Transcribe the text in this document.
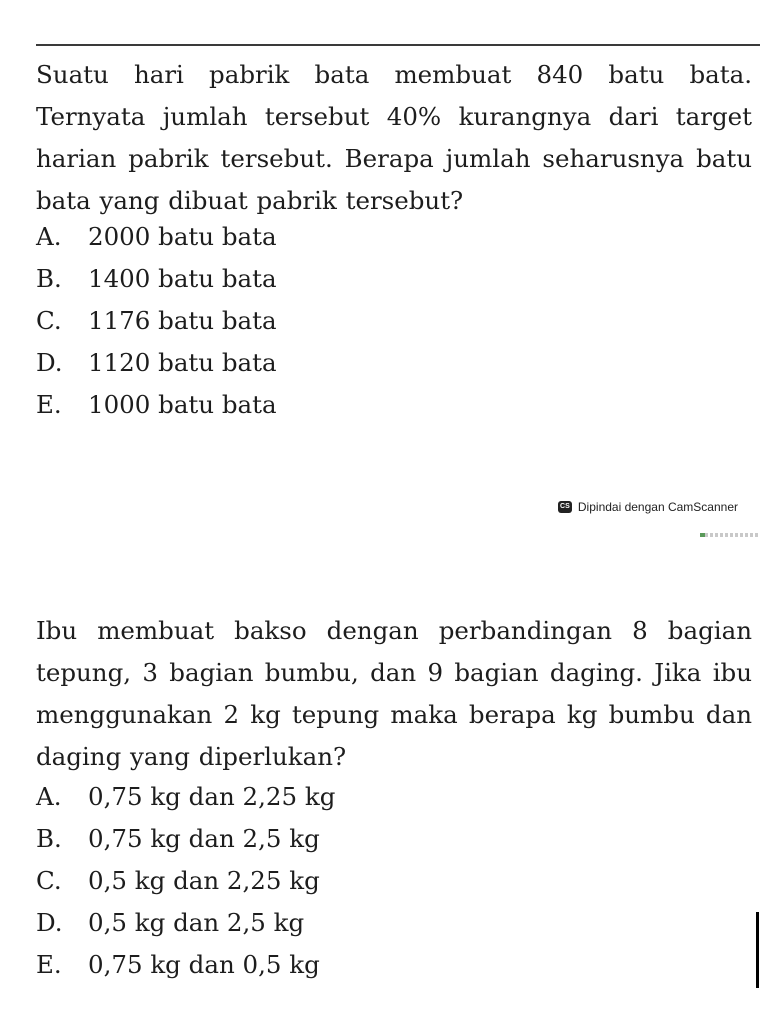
Suatu hari pabrik bata membuat 840 batu bata. Ternyata jumlah tersebut 40% kurangnya dari target harian pabrik tersebut. Berapa jumlah seharusnya batu bata yang dibuat pabrik tersebut?

A. 2000 batu bata
B. 1400 batu bata
C. 1176 batu bata
D. 1120 batu bata
E. 1000 batu bata
CS Dipindai dengan CamScanner

Ibu membuat bakso dengan perbandingan 8 bagian tepung, 3 bagian bumbu, dan 9 bagian daging. Jika ibu menggunakan 2 kg tepung maka berapa kg bumbu dan daging yang diperlukan?

A. 0,75 kg dan 2,25 kg
B. 0,75 kg dan 2,5 kg
C. 0,5 kg dan 2,25 kg
D. 0,5 kg dan 2,5 kg
E. 0,75 kg dan 0,5 kg
